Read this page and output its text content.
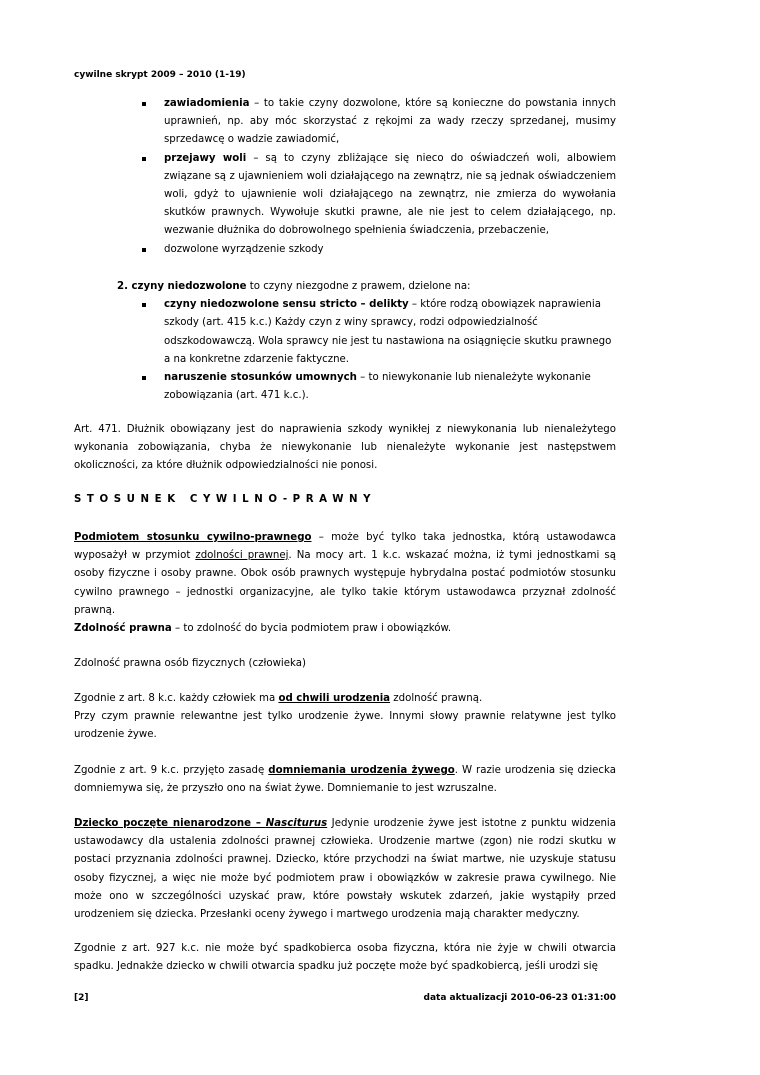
cywilne skrypt 2009 – 2010 (1-19)
zawiadomienia – to takie czyny dozwolone, które są konieczne do powstania innych uprawnień, np. aby móc skorzystać z rękojmi za wady rzeczy sprzedanej, musimy sprzedawcę o wadzie zawiadomić,
przejawy woli – są to czyny zbliżające się nieco do oświadczeń woli, albowiem związane są z ujawnieniem woli działającego na zewnątrz, nie są jednak oświadczeniem woli, gdyż to ujawnienie woli działającego na zewnątrz, nie zmierza do wywołania skutków prawnych. Wywołuje skutki prawne, ale nie jest to celem działającego, np. wezwanie dłużnika do dobrowolnego spełnienia świadczenia, przebaczenie,
dozwolone wyrządzenie szkody

2. czyny niedozwolone to czyny niezgodne z prawem, dzielone na:

czyny niedozwolone sensu stricto – delikty – które rodzą obowiązek naprawienia szkody (art. 415 k.c.) Każdy czyn z winy sprawcy, rodzi odpowiedzialność odszkodowawczą. Wola sprawcy nie jest tu nastawiona na osiągnięcie skutku prawnego a na konkretne zdarzenie faktyczne.
naruszenie stosunków umownych – to niewykonanie lub nienależyte wykonanie zobowiązania (art. 471 k.c.).

Art. 471. Dłużnik obowiązany jest do naprawienia szkody wynikłej z niewykonania lub nienależytego wykonania zobowiązania, chyba że niewykonanie lub nienależyte wykonanie jest następstwem okoliczności, za które dłużnik odpowiedzialności nie ponosi.

STOSUNEK CYWILNO-PRAWNY

Podmiotem stosunku cywilno-prawnego – może być tylko taka jednostka, którą ustawodawca wyposażył w przymiot zdolności prawnej. Na mocy art. 1 k.c. wskazać można, iż tymi jednostkami są osoby fizyczne i osoby prawne. Obok osób prawnych występuje hybrydalna postać podmiotów stosunku cywilno prawnego – jednostki organizacyjne, ale tylko takie którym ustawodawca przyznał zdolność prawną.

Zdolność prawna – to zdolność do bycia podmiotem praw i obowiązków.

Zdolność prawna osób fizycznych (człowieka)

Zgodnie z art. 8 k.c. każdy człowiek ma od chwili urodzenia zdolność prawną.
Przy czym prawnie relewantne jest tylko urodzenie żywe. Innymi słowy prawnie relatywne jest tylko urodzenie żywe.

Zgodnie z art. 9 k.c. przyjęto zasadę domniemania urodzenia żywego. W razie urodzenia się dziecka domniemywa się, że przyszło ono na świat żywe. Domniemanie to jest wzruszalne.

Dziecko poczęte nienarodzone – Nasciturus Jedynie urodzenie żywe jest istotne z punktu widzenia ustawodawcy dla ustalenia zdolności prawnej człowieka. Urodzenie martwe (zgon) nie rodzi skutku w postaci przyznania zdolności prawnej. Dziecko, które przychodzi na świat martwe, nie uzyskuje statusu osoby fizycznej, a więc nie może być podmiotem praw i obowiązków w zakresie prawa cywilnego. Nie może ono w szczególności uzyskać praw, które powstały wskutek zdarzeń, jakie wystąpiły przed urodzeniem się dziecka. Przesłanki oceny żywego i martwego urodzenia mają charakter medyczny.

Zgodnie z art. 927 k.c. nie może być spadkobierca osoba fizyczna, która nie żyje w chwili otwarcia spadku. Jednakże dziecko w chwili otwarcia spadku już poczęte może być spadkobiercą, jeśli urodzi się

[2]	data aktualizacji 2010-06-23 01:31:00
